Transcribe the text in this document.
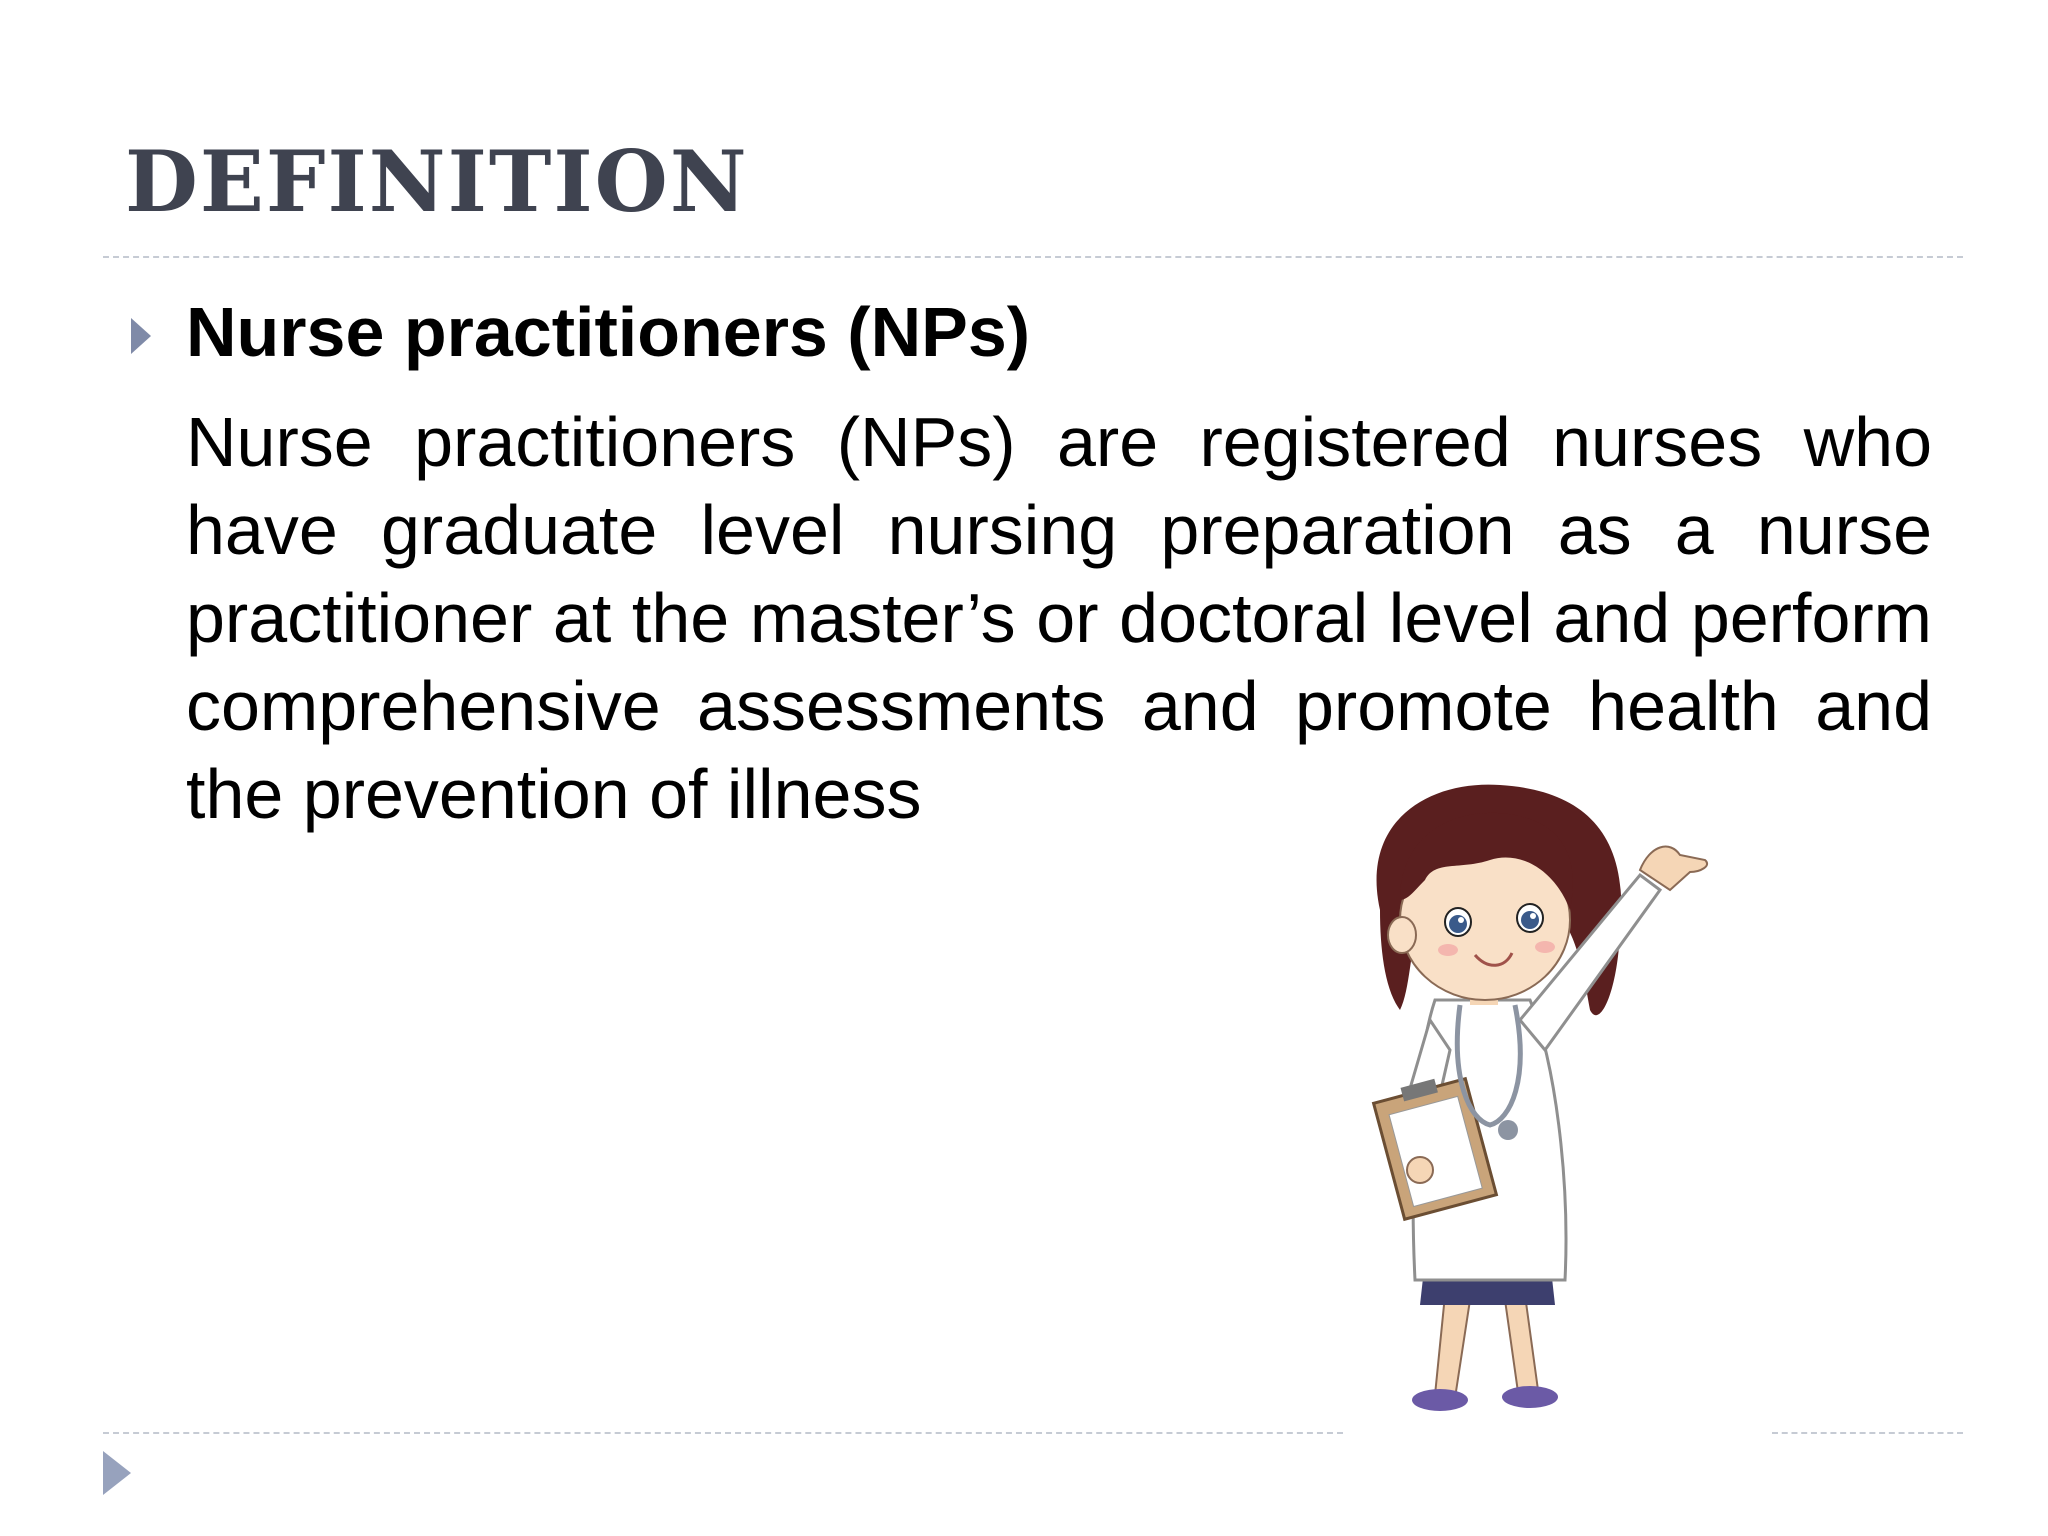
DEFINITION
Nurse practitioners (NPs)
Nurse practitioners (NPs) are registered nurses who have graduate level nursing preparation as a nurse practitioner at the master’s or doctoral level and perform comprehensive assessments and promote health and the prevention of illness
